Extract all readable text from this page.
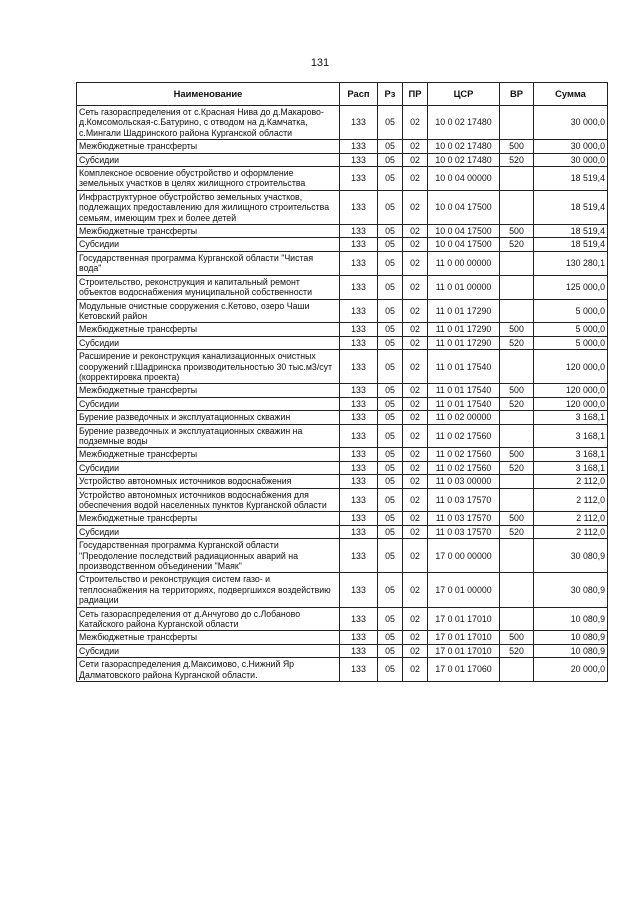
131
Наименование	Расп	Рз	ПР	ЦСР	ВР	Сумма
Сеть газораспределения от с.Красная Нива до д.Макарово-д.Комсомольская-с.Батурино, с отводом на д.Камчатка, с.Мингали Шадринского района Курганской области	133	05	02	10 0 02 17480		30 000,0
Межбюджетные трансферты	133	05	02	10 0 02 17480	500	30 000,0
Субсидии	133	05	02	10 0 02 17480	520	30 000,0
Комплексное освоение обустройство и оформление земельных участков в целях жилищного строительства	133	05	02	10 0 04 00000		18 519,4
Инфраструктурное обустройство земельных участков, подлежащих предоставлению для жилищного строительства семьям, имеющим трех и более детей	133	05	02	10 0 04 17500		18 519,4
Межбюджетные трансферты	133	05	02	10 0 04 17500	500	18 519,4
Субсидии	133	05	02	10 0 04 17500	520	18 519,4
Государственная программа Курганской области "Чистая вода"	133	05	02	11 0 00 00000		130 280,1
Строительство, реконструкция и капитальный ремонт объектов водоснабжения муниципальной собственности	133	05	02	11 0 01 00000		125 000,0
Модульные очистные сооружения с.Кетово, озеро Чаши Кетовский район	133	05	02	11 0 01 17290		5 000,0
Межбюджетные трансферты	133	05	02	11 0 01 17290	500	5 000,0
Субсидии	133	05	02	11 0 01 17290	520	5 000,0
Расширение и реконструкция канализационных очистных сооружений г.Шадринска производительностью 30 тыс.м3/сут (корректировка проекта)	133	05	02	11 0 01 17540		120 000,0
Межбюджетные трансферты	133	05	02	11 0 01 17540	500	120 000,0
Субсидии	133	05	02	11 0 01 17540	520	120 000,0
Бурение разведочных и эксплуатационных скважин	133	05	02	11 0 02 00000		3 168,1
Бурение разведочных и эксплуатационных скважин на подземные воды	133	05	02	11 0 02 17560		3 168,1
Межбюджетные трансферты	133	05	02	11 0 02 17560	500	3 168,1
Субсидии	133	05	02	11 0 02 17560	520	3 168,1
Устройство автономных источников водоснабжения	133	05	02	11 0 03 00000		2 112,0
Устройство автономных источников водоснабжения для обеспечения водой населенных пунктов Курганской области	133	05	02	11 0 03 17570		2 112,0
Межбюджетные трансферты	133	05	02	11 0 03 17570	500	2 112,0
Субсидии	133	05	02	11 0 03 17570	520	2 112,0
Государственная программа Курганской области "Преодоление последствий радиационных аварий на производственном объединении "Маяк"	133	05	02	17 0 00 00000		30 080,9
Строительство и реконструкция систем газо- и теплоснабжения на территориях, подвергшихся воздействию радиации	133	05	02	17 0 01 00000		30 080,9
Сеть газораспределения от д.Анчугово до с.Лобаново Катайского района Курганской области	133	05	02	17 0 01 17010		10 080,9
Межбюджетные трансферты	133	05	02	17 0 01 17010	500	10 080,9
Субсидии	133	05	02	17 0 01 17010	520	10 080,9
Сети газораспределения д.Максимово, с.Нижний Яр Далматовского района Курганской области.	133	05	02	17 0 01 17060		20 000,0
